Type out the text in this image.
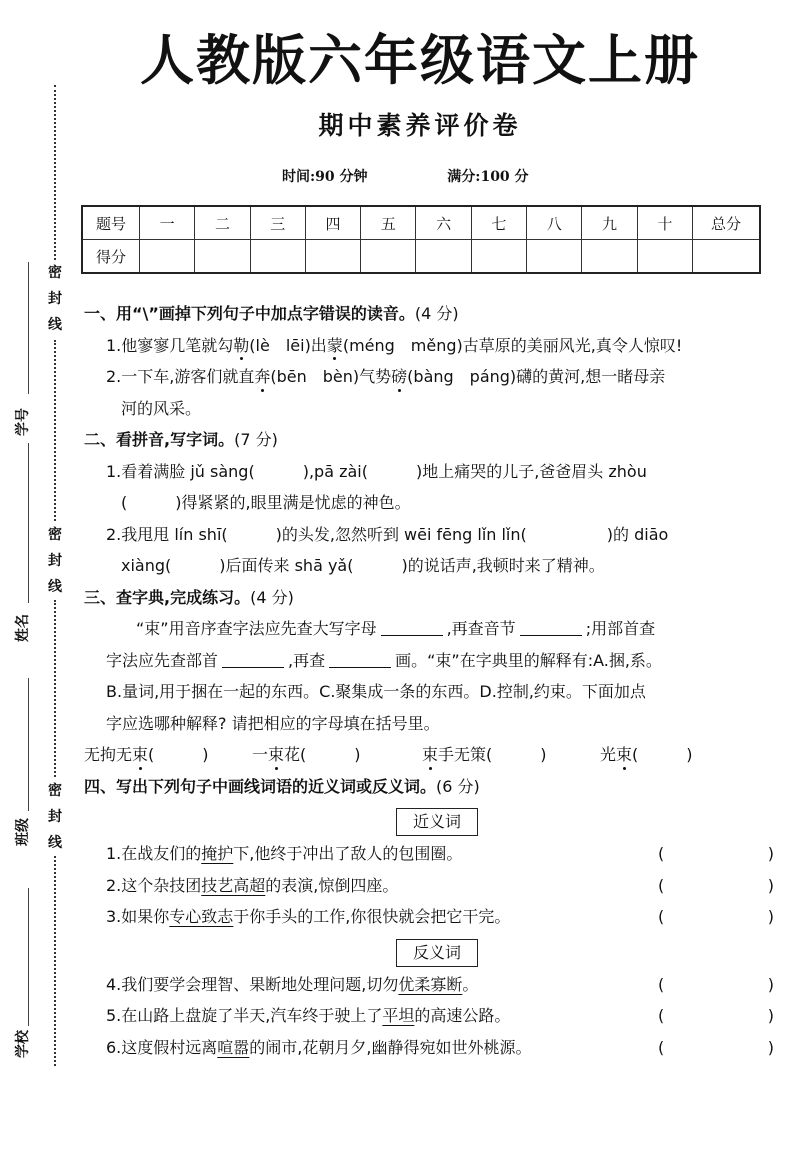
密
封
线
密
封
线
密
封
线
学号
姓名
班级
学校
人教版六年级语文上册
期中素养评价卷
时间:90 分钟	满分:100 分
题号	一	二	三	四	五	六	七	八	九	十	总分
得分											

一、用“\”画掉下列句子中加点字错误的读音。(4 分)

1.他寥寥几笔就勾勒(lè　lēi)出蒙(méng　měng)古草原的美丽风光,真令人惊叹!

2.一下车,游客们就直奔(bēn　bèn)气势磅(bàng　páng)礴的黄河,想一睹母亲

河的风采。

二、看拼音,写字词。(7 分)

1.看着满脸 jǔ sàng(　　　),pā zài(　　　)地上痛哭的儿子,爸爸眉头 zhòu

(　　　)得紧紧的,眼里满是忧虑的神色。

2.我甩甩 lín shī(　　　)的头发,忽然听到 wēi fēng lǐn lǐn(　　　　　)的 diāo

xiàng(　　　)后面传来 shā yǎ(　　　)的说话声,我顿时来了精神。

三、查字典,完成练习。(4 分)

“束”用音序查字法应先查大写字母	,再查音节	;用部首查

字法应先查部首	,再查	画。“束”在字典里的解释有:A.捆,系。

B.量词,用于捆在一起的东西。C.聚集成一条的东西。D.控制,约束。下面加点

字应选哪种解释? 请把相应的字母填在括号里。

无拘无束(　　　)	一束花(　　　)	束手无策(　　　)	光束(　　　)

四、写出下列句子中画线词语的近义词或反义词。(6 分)

近义词

1.在战友们的掩护下,他终于冲出了敌人的包围圈。	(	)

2.这个杂技团技艺高超的表演,惊倒四座。	(	)

3.如果你专心致志于你手头的工作,你很快就会把它干完。	(	)

反义词

4.我们要学会理智、果断地处理问题,切勿优柔寡断。	(	)

5.在山路上盘旋了半天,汽车终于驶上了平坦的高速公路。	(	)

6.这度假村远离喧嚣的闹市,花朝月夕,幽静得宛如世外桃源。	(	)
